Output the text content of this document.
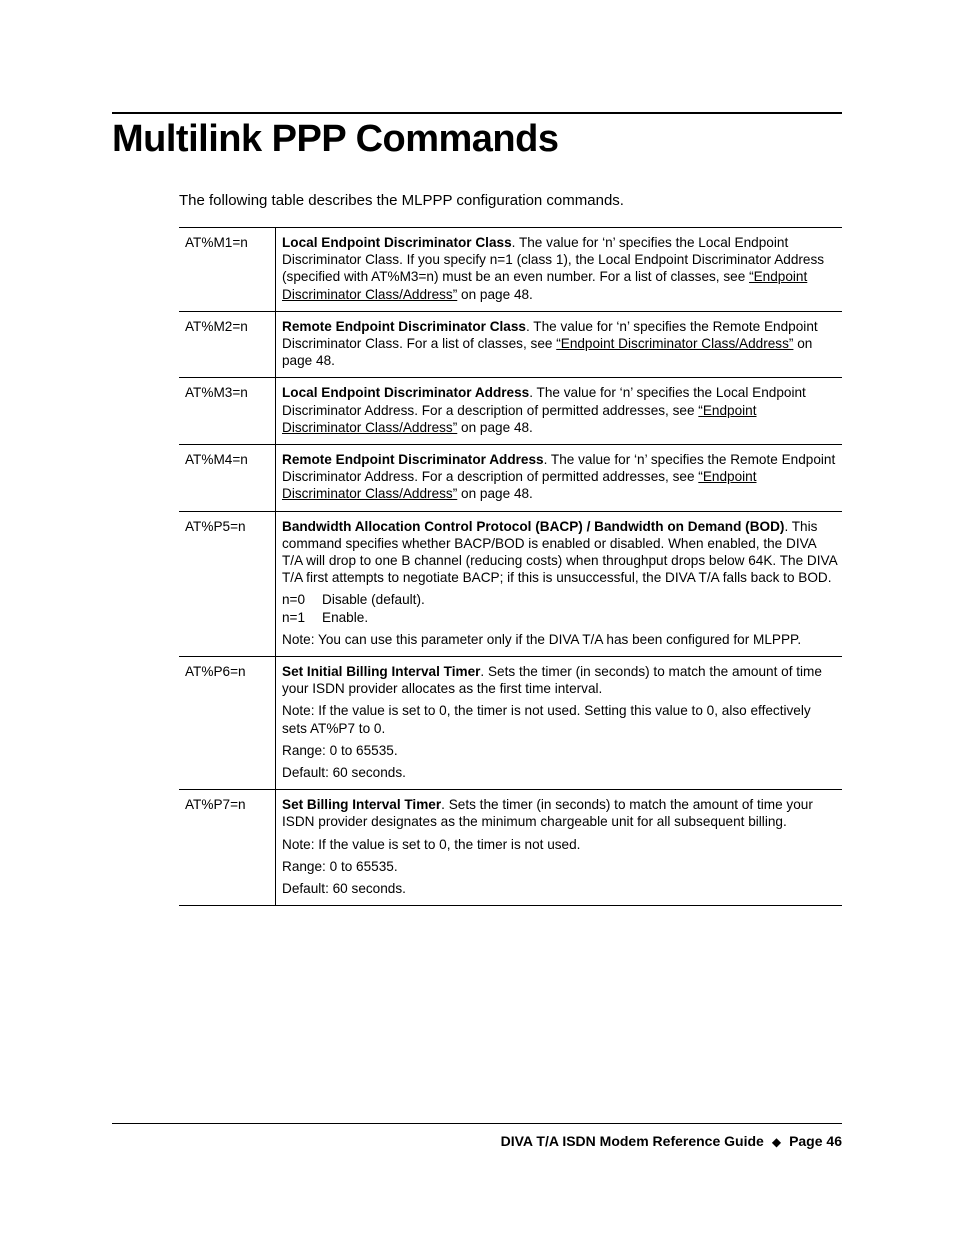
Multilink PPP Commands

The following table describes the MLPPP configuration commands.

AT%M1=n	Local Endpoint Discriminator Class. The value for ‘n’ specifies the Local Endpoint Discriminator Class. If you specify n=1 (class 1), the Local Endpoint Discriminator Address (specified with AT%M3=n) must be an even number. For a list of classes, see “Endpoint Discriminator Class/Address” on page 48.

AT%M2=n	Remote Endpoint Discriminator Class. The value for ‘n’ specifies the Remote Endpoint Discriminator Class. For a list of classes, see “Endpoint Discriminator Class/Address” on page 48.

AT%M3=n	Local Endpoint Discriminator Address. The value for ‘n’ specifies the Local Endpoint Discriminator Address. For a description of permitted addresses, see “Endpoint Discriminator Class/Address” on page 48.

AT%M4=n	Remote Endpoint Discriminator Address. The value for ‘n’ specifies the Remote Endpoint Discriminator Address. For a description of permitted addresses, see “Endpoint Discriminator Class/Address” on page 48.

AT%P5=n	Bandwidth Allocation Control Protocol (BACP) / Bandwidth on Demand (BOD). This command specifies whether BACP/BOD is enabled or disabled. When enabled, the DIVA T/A will drop to one B channel (reducing costs) when throughput drops below 64K. The DIVA T/A first attempts to negotiate BACP; if this is unsuccessful, the DIVA T/A falls back to BOD.

n=0 Disable (default).
n=1 Enable.

Note: You can use this parameter only if the DIVA T/A has been configured for MLPPP.

AT%P6=n	Set Initial Billing Interval Timer. Sets the timer (in seconds) to match the amount of time your ISDN provider allocates as the first time interval.

Note: If the value is set to 0, the timer is not used. Setting this value to 0, also effectively sets AT%P7 to 0.

Range: 0 to 65535.

Default: 60 seconds.

AT%P7=n	Set Billing Interval Timer. Sets the timer (in seconds) to match the amount of time your ISDN provider designates as the minimum chargeable unit for all subsequent billing.

Note: If the value is set to 0, the timer is not used.

Range: 0 to 65535.

Default: 60 seconds.

DIVA T/A ISDN Modem Reference Guide ◆ Page 46
